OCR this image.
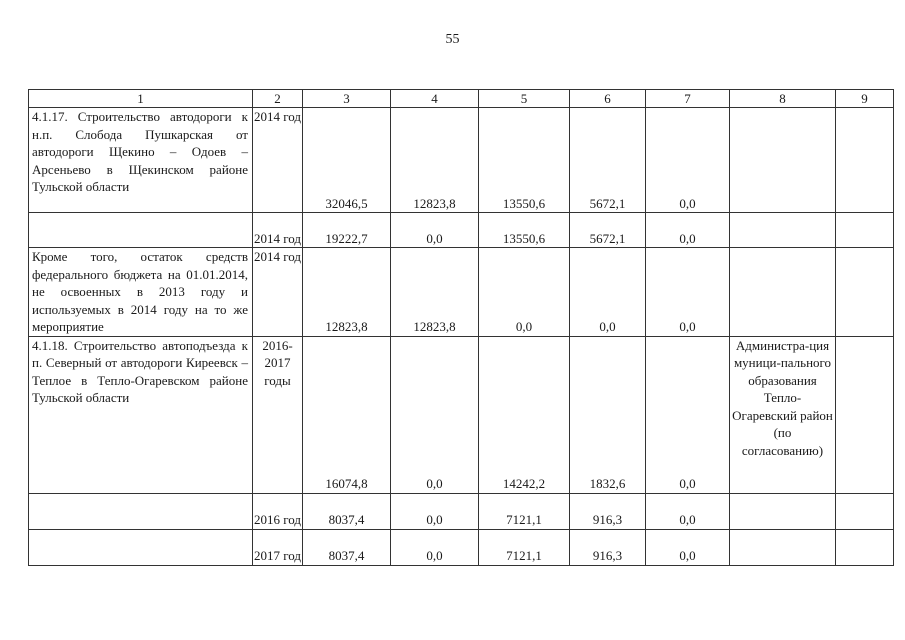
55
1	2	3	4	5	6	7	8	9
4.1.17. Строительство автодороги к н.п. Слобода Пушкарская от автодороги Щекино – Одоев – Арсеньево в Щекинском районе Тульской области	2014 год	32046,5	12823,8	13550,6	5672,1	0,0		
	2014 год	19222,7	0,0	13550,6	5672,1	0,0		
Кроме того, остаток средств федерального бюджета на 01.01.2014, не освоенных в 2013 году и используемых в 2014 году на то же мероприятие	2014 год	12823,8	12823,8	0,0	0,0	0,0		
4.1.18. Строительство автоподъезда к п. Северный от автодороги Киреевск – Теплое в Тепло-Огаревском районе Тульской области	2016-2017 годы	16074,8	0,0	14242,2	1832,6	0,0	Администра-ция муници-пального образования Тепло-Огаревский район (по согласованию)	
	2016 год	8037,4	0,0	7121,1	916,3	0,0		
	2017 год	8037,4	0,0	7121,1	916,3	0,0		
